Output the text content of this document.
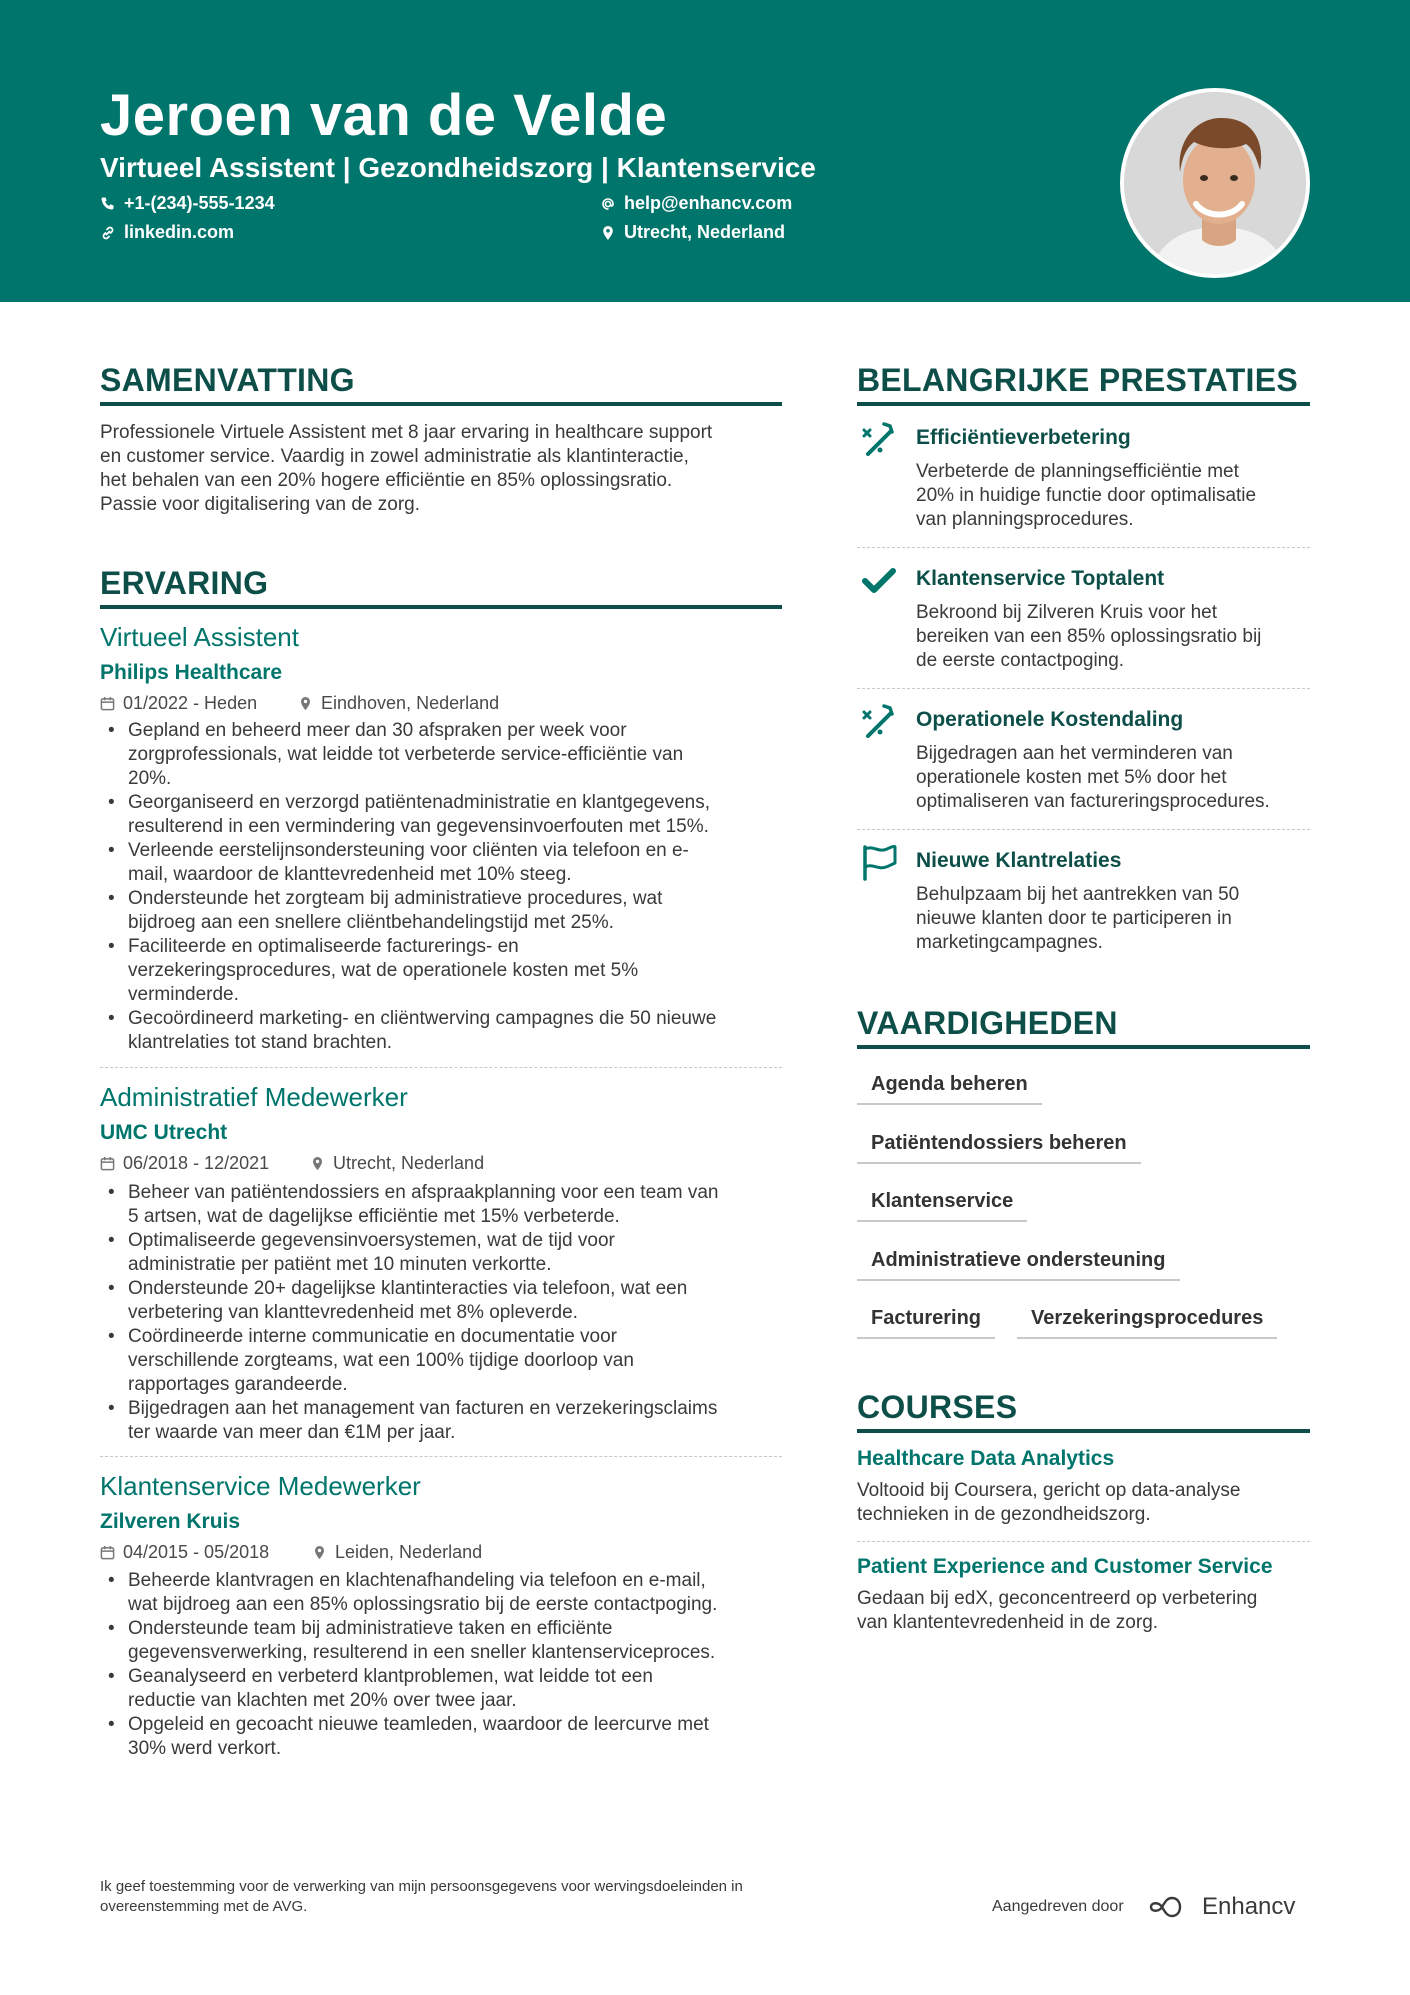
Jeroen van de Velde
Virtueel Assistent | Gezondheidszorg | Klantenservice
+1-(234)-555-1234
linkedin.com
help@enhancv.com
Utrecht, Nederland
SAMENVATTING
Professionele Virtuele Assistent met 8 jaar ervaring in healthcare support
en customer service. Vaardig in zowel administratie als klantinteractie,
het behalen van een 20% hogere efficiëntie en 85% oplossingsratio.
Passie voor digitalisering van de zorg.
ERVARING
Virtueel Assistent
Philips Healthcare
01/2022 - Heden	Eindhoven, Nederland
• Gepland en beheerd meer dan 30 afspraken per week voor
zorgprofessionals, wat leidde tot verbeterde service-efficiëntie van
20%.
• Georganiseerd en verzorgd patiëntenadministratie en klantgegevens,
resulterend in een vermindering van gegevensinvoerfouten met 15%.
• Verleende eerstelijnsondersteuning voor cliënten via telefoon en e-
mail, waardoor de klanttevredenheid met 10% steeg.
• Ondersteunde het zorgteam bij administratieve procedures, wat
bijdroeg aan een snellere cliëntbehandelingstijd met 25%.
• Faciliteerde en optimaliseerde facturerings- en
verzekeringsprocedures, wat de operationele kosten met 5%
verminderde.
• Gecoördineerd marketing- en cliëntwerving campagnes die 50 nieuwe
klantrelaties tot stand brachten.
Administratief Medewerker
UMC Utrecht
06/2018 - 12/2021	Utrecht, Nederland
• Beheer van patiëntendossiers en afspraakplanning voor een team van
5 artsen, wat de dagelijkse efficiëntie met 15% verbeterde.
• Optimaliseerde gegevensinvoersystemen, wat de tijd voor
administratie per patiënt met 10 minuten verkortte.
• Ondersteunde 20+ dagelijkse klantinteracties via telefoon, wat een
verbetering van klanttevredenheid met 8% opleverde.
• Coördineerde interne communicatie en documentatie voor
verschillende zorgteams, wat een 100% tijdige doorloop van
rapportages garandeerde.
• Bijgedragen aan het management van facturen en verzekeringsclaims
ter waarde van meer dan €1M per jaar.
Klantenservice Medewerker
Zilveren Kruis
04/2015 - 05/2018	Leiden, Nederland
• Beheerde klantvragen en klachtenafhandeling via telefoon en e-mail,
wat bijdroeg aan een 85% oplossingsratio bij de eerste contactpoging.
• Ondersteunde team bij administratieve taken en efficiënte
gegevensverwerking, resulterend in een sneller klantenserviceproces.
• Geanalyseerd en verbeterd klantproblemen, wat leidde tot een
reductie van klachten met 20% over twee jaar.
• Opgeleid en gecoacht nieuwe teamleden, waardoor de leercurve met
30% werd verkort.
BELANGRIJKE PRESTATIES
Efficiëntieverbetering
Verbeterde de planningsefficiëntie met
20% in huidige functie door optimalisatie
van planningsprocedures.
Klantenservice Toptalent
Bekroond bij Zilveren Kruis voor het
bereiken van een 85% oplossingsratio bij
de eerste contactpoging.
Operationele Kostendaling
Bijgedragen aan het verminderen van
operationele kosten met 5% door het
optimaliseren van factureringsprocedures.
Nieuwe Klantrelaties
Behulpzaam bij het aantrekken van 50
nieuwe klanten door te participeren in
marketingcampagnes.
VAARDIGHEDEN
Agenda beheren
Patiëntendossiers beheren
Klantenservice
Administratieve ondersteuning
Facturering	Verzekeringsprocedures
COURSES
Healthcare Data Analytics
Voltooid bij Coursera, gericht op data-analyse
technieken in de gezondheidszorg.
Patient Experience and Customer Service
Gedaan bij edX, geconcentreerd op verbetering
van klantentevredenheid in de zorg.
Ik geef toestemming voor de verwerking van mijn persoonsgegevens voor wervingsdoeleinden in
overeenstemming met de AVG.	Aangedreven door	Enhancv
